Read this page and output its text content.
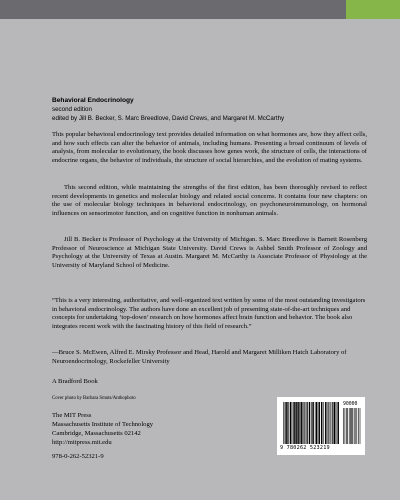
Behavioral Endocrinology
second edition
edited by Jill B. Becker, S. Marc Breedlove, David Crews, and Margaret M. McCarthy

This popular behavioral endocrinology text provides detailed information on what hormones are, how they affect cells, and how such effects can alter the behavior of animals, including humans. Presenting a broad continuum of levels of analysis, from molecular to evolutionary, the book discusses how genes work, the structure of cells, the interactions of endocrine organs, the behavior of individuals, the structure of social hierarchies, and the evolution of mating systems.

This second edition, while maintaining the strengths of the first edition, has been thoroughly revised to reflect recent developments in genetics and molecular biology and related social concerns. It contains four new chapters: on the use of molecular biology techniques in behavioral endocrinology, on psychoneuroimmunology, on hormonal influences on sensorimotor function, and on cognitive function in nonhuman animals.

Jill B. Becker is Professor of Psychology at the University of Michigan. S. Marc Breedlove is Barnett Rosenberg Professor of Neuroscience at Michigan State University. David Crews is Ashbel Smith Professor of Zoology and Psychology at the University of Texas at Austin. Margaret M. McCarthy is Associate Professor of Physiology at the University of Maryland School of Medicine.

“This is a very interesting, authoritative, and well-organized text written by some of the most outstanding investigators in behavioral endocrinology. The authors have done an excellent job of presenting state-of-the-art techniques and concepts for undertaking ‘top-down’ research on how hormones affect brain function and behavior. The book also integrates recent work with the fascinating history of this field of research.”

—Bruce S. McEwen, Alfred E. Mirsky Professor and Head, Harold and Margaret Milliken Hatch Laboratory of Neuroendocrinology, Rockefeller University

A Bradford Book
Cover photo by Barbara Smuts/Anthophoto
The MIT Press
Massachusetts Institute of Technology
Cambridge, Massachusetts 02142
http://mitpress.mit.edu
978-0-262-52321-9
90000
9 780262 523219
